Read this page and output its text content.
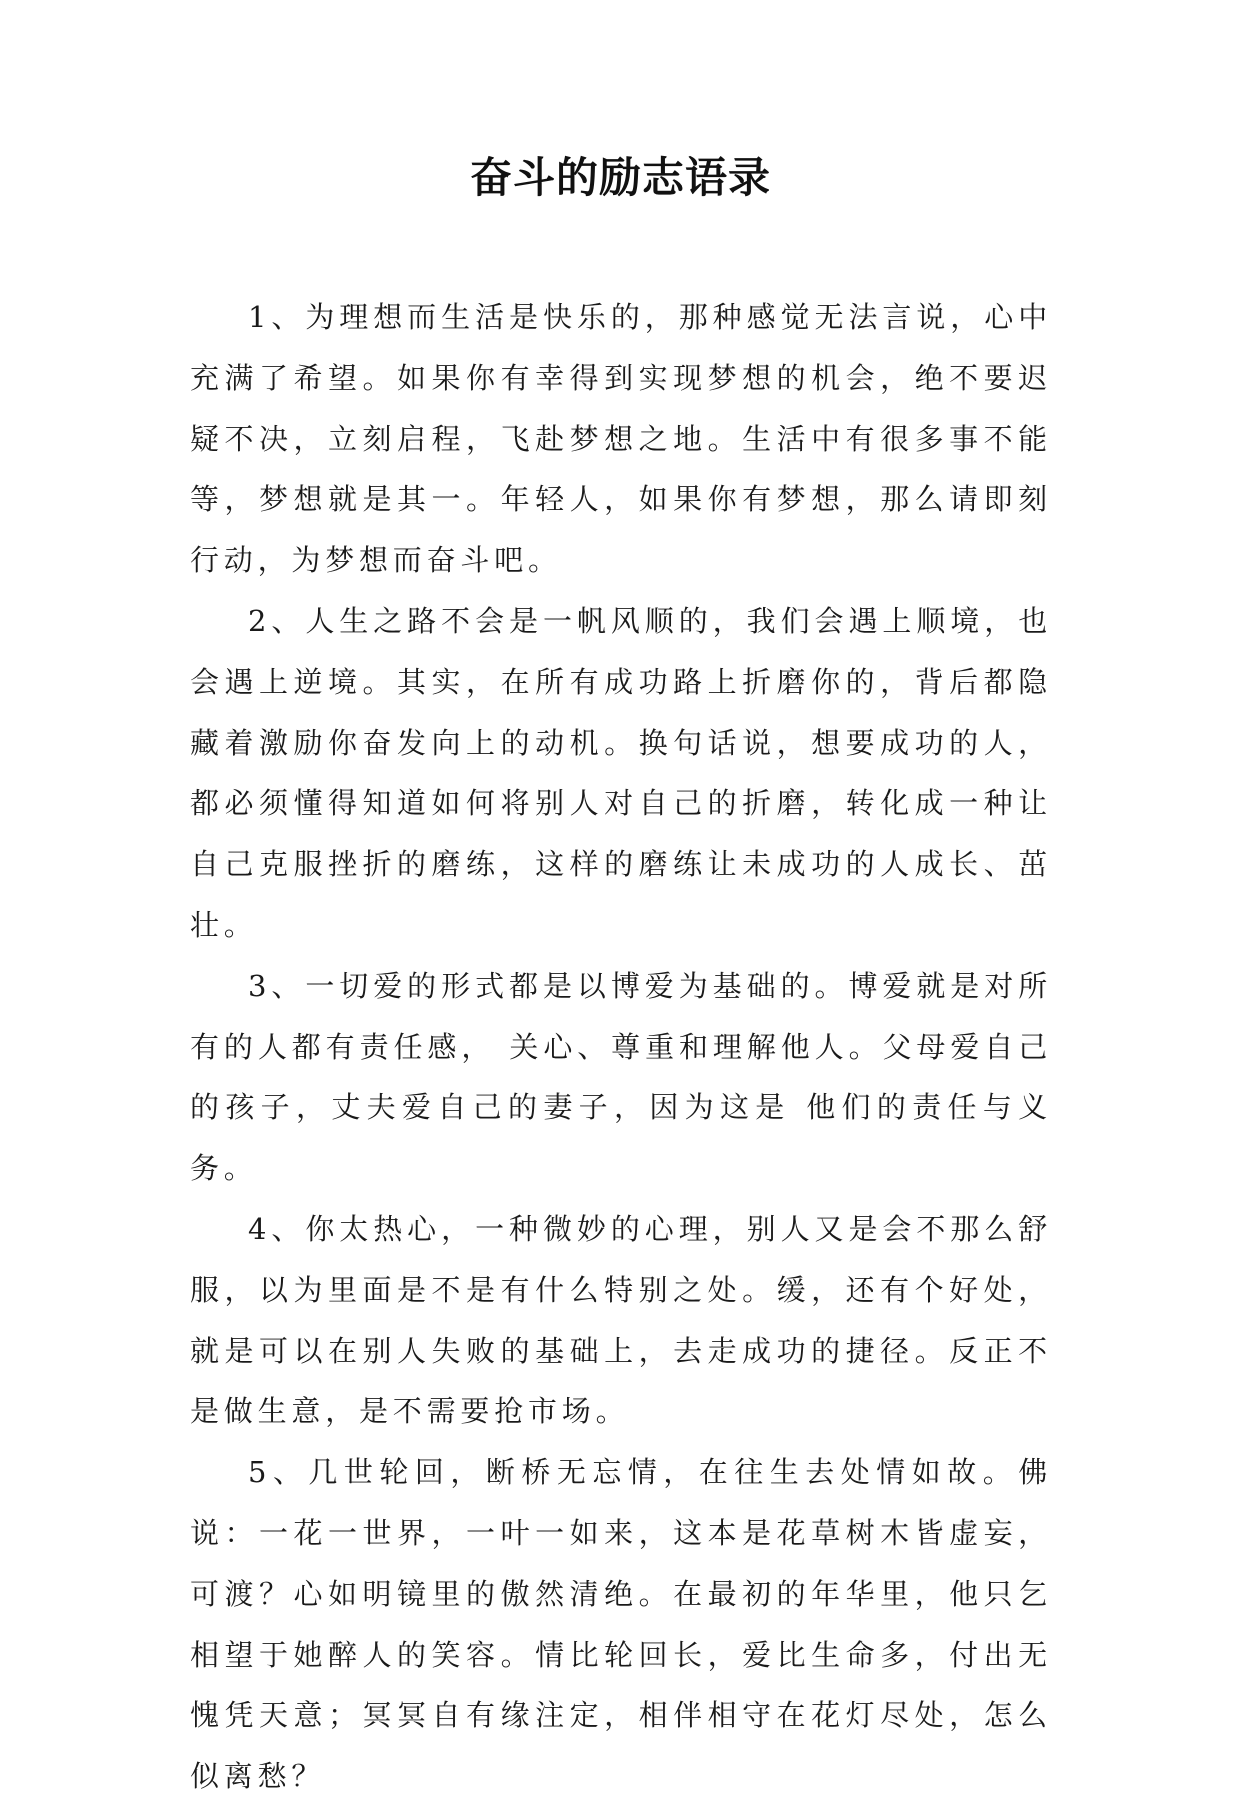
奋斗的励志语录

1、为理想而生活是快乐的，那种感觉无法言说，心中充满了希望。如果你有幸得到实现梦想的机会，绝不要迟疑不决，立刻启程，飞赴梦想之地。生活中有很多事不能等，梦想就是其一。年轻人，如果你有梦想，那么请即刻行动，为梦想而奋斗吧。

2、人生之路不会是一帆风顺的，我们会遇上顺境，也会遇上逆境。其实，在所有成功路上折磨你的，背后都隐藏着激励你奋发向上的动机。换句话说，想要成功的人，都必须懂得知道如何将别人对自己的折磨，转化成一种让自己克服挫折的磨练，这样的磨练让未成功的人成长、茁壮。

3、一切爱的形式都是以博爱为基础的。博爱就是对所有的人都有责任感， 关心、尊重和理解他人。父母爱自己的孩子，丈夫爱自己的妻子，因为这是 他们的责任与义务。

4、你太热心，一种微妙的心理，别人又是会不那么舒服，以为里面是不是有什么特别之处。缓，还有个好处，就是可以在别人失败的基础上，去走成功的捷径。反正不是做生意，是不需要抢市场。

5、几世轮回，断桥无忘情，在往生去处情如故。佛说：一花一世界，一叶一如来，这本是花草树木皆虚妄，可渡？心如明镜里的傲然清绝。在最初的年华里，他只乞相望于她醉人的笑容。情比轮回长，爱比生命多，付出无愧凭天意；冥冥自有缘注定，相伴相守在花灯尽处，怎么似离愁？
